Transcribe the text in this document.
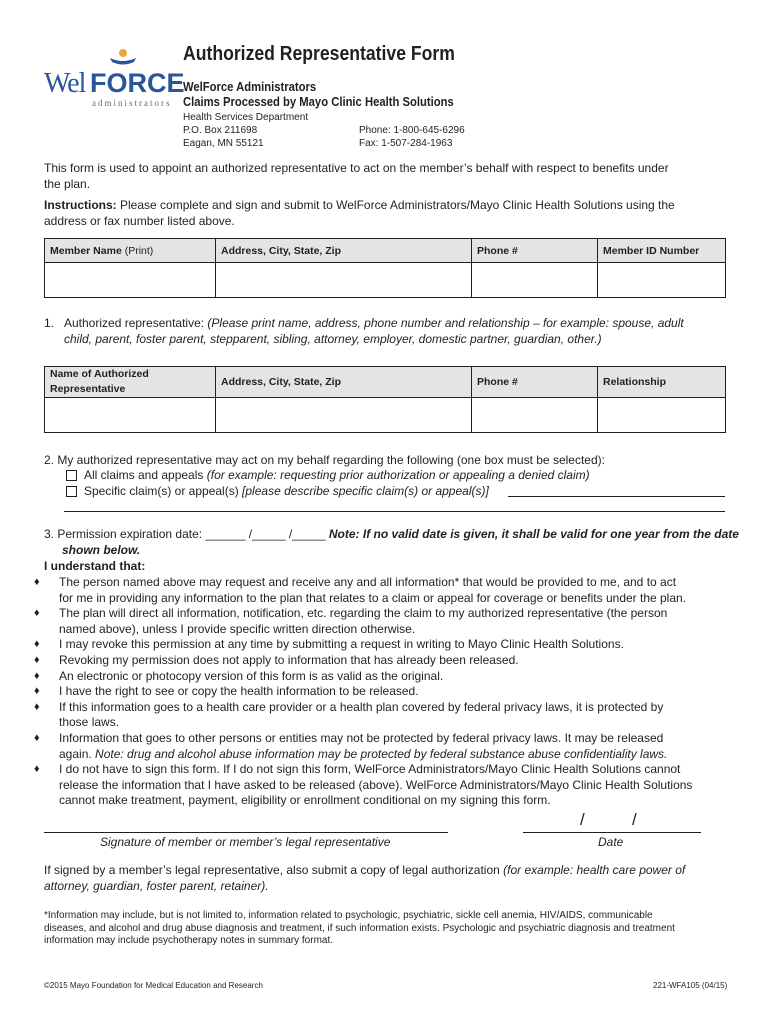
Wel FORCE
administrators
Authorized Representative Form
WelForce Administrators
Claims Processed by Mayo Clinic Health Solutions
Health Services Department
P.O. Box 211698
Eagan, MN 55121
Phone: 1-800-645-6296
Fax: 1-507-284-1963
This form is used to appoint an authorized representative to act on the member’s behalf with respect to benefits under
the plan.
Instructions: Please complete and sign and submit to WelForce Administrators/Mayo Clinic Health Solutions using the
address or fax number listed above.
Member Name (Print)	Address, City, State, Zip	Phone #	Member ID Number

1. Authorized representative: (Please print name, address, phone number and relationship – for example: spouse, adult
child, parent, foster parent, stepparent, sibling, attorney, employer, domestic partner, guardian, other.)
Name of Authorized
Representative	Address, City, State, Zip	Phone #	Relationship

2. My authorized representative may act on my behalf regarding the following (one box must be selected):
All claims and appeals (for example: requesting prior authorization or appealing a denied claim)
Specific claim(s) or appeal(s) [please describe specific claim(s) or appeal(s)]
3. Permission expiration date: ______ /_____ /_____ Note: If no valid date is given, it shall be valid for one year from the date
shown below.
I understand that:
♦ The person named above may request and receive any and all information* that would be provided to me, and to act
for me in providing any information to the plan that relates to a claim or appeal for coverage or benefits under the plan.
♦ The plan will direct all information, notification, etc. regarding the claim to my authorized representative (the person
named above), unless I provide specific written direction otherwise.
♦ I may revoke this permission at any time by submitting a request in writing to Mayo Clinic Health Solutions.
♦ Revoking my permission does not apply to information that has already been released.
♦ An electronic or photocopy version of this form is as valid as the original.
♦ I have the right to see or copy the health information to be released.
♦ If this information goes to a health care provider or a health plan covered by federal privacy laws, it is protected by
those laws.
♦ Information that goes to other persons or entities may not be protected by federal privacy laws. It may be released
again. Note: drug and alcohol abuse information may be protected by federal substance abuse confidentiality laws.
♦ I do not have to sign this form. If I do not sign this form, WelForce Administrators/Mayo Clinic Health Solutions cannot
release the information that I have asked to be released (above). WelForce Administrators/Mayo Clinic Health Solutions
cannot make treatment, payment, eligibility or enrollment conditional on my signing this form.
Signature of member or member’s legal representative
/          /
Date
If signed by a member’s legal representative, also submit a copy of legal authorization (for example: health care power of
attorney, guardian, foster parent, retainer).
*Information may include, but is not limited to, information related to psychologic, psychiatric, sickle cell anemia, HIV/AIDS, communicable
diseases, and alcohol and drug abuse diagnosis and treatment, if such information exists. Psychologic and psychiatric diagnosis and treatment
information may include psychotherapy notes in summary format.
©2015 Mayo Foundation for Medical Education and Research	221-WFA105 (04/15)
